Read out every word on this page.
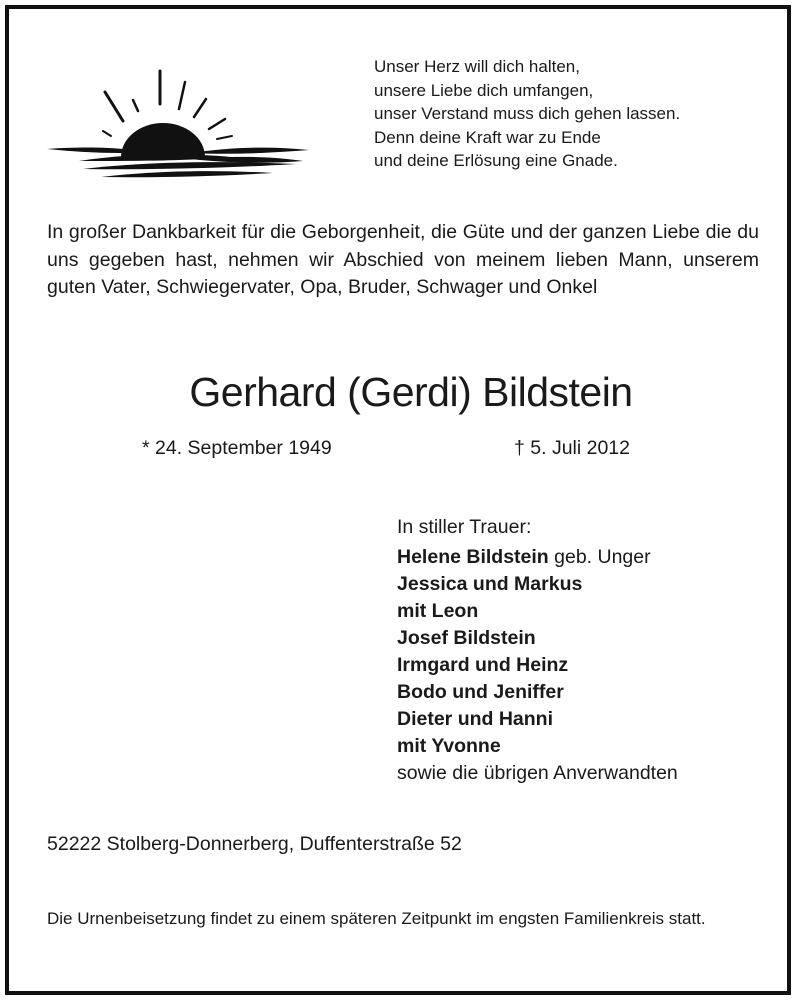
Unser Herz will dich halten,
unsere Liebe dich umfangen,
unser Verstand muss dich gehen lassen.
Denn deine Kraft war zu Ende
und deine Erlösung eine Gnade.
In großer Dankbarkeit für die Geborgenheit, die Güte und der ganzen Liebe die du uns gegeben hast, nehmen wir Abschied von meinem lieben Mann, unserem guten Vater, Schwiegervater, Opa, Bruder, Schwager und Onkel
Gerhard (Gerdi) Bildstein
* 24. September 1949	† 5. Juli 2012
In stiller Trauer:
Helene Bildstein geb. Unger
Jessica und Markus
mit Leon
Josef Bildstein
Irmgard und Heinz
Bodo und Jeniffer
Dieter und Hanni
mit Yvonne
sowie die übrigen Anverwandten
52222 Stolberg-Donnerberg, Duffenterstraße 52
Die Urnenbeisetzung findet zu einem späteren Zeitpunkt im engsten Familienkreis statt.
